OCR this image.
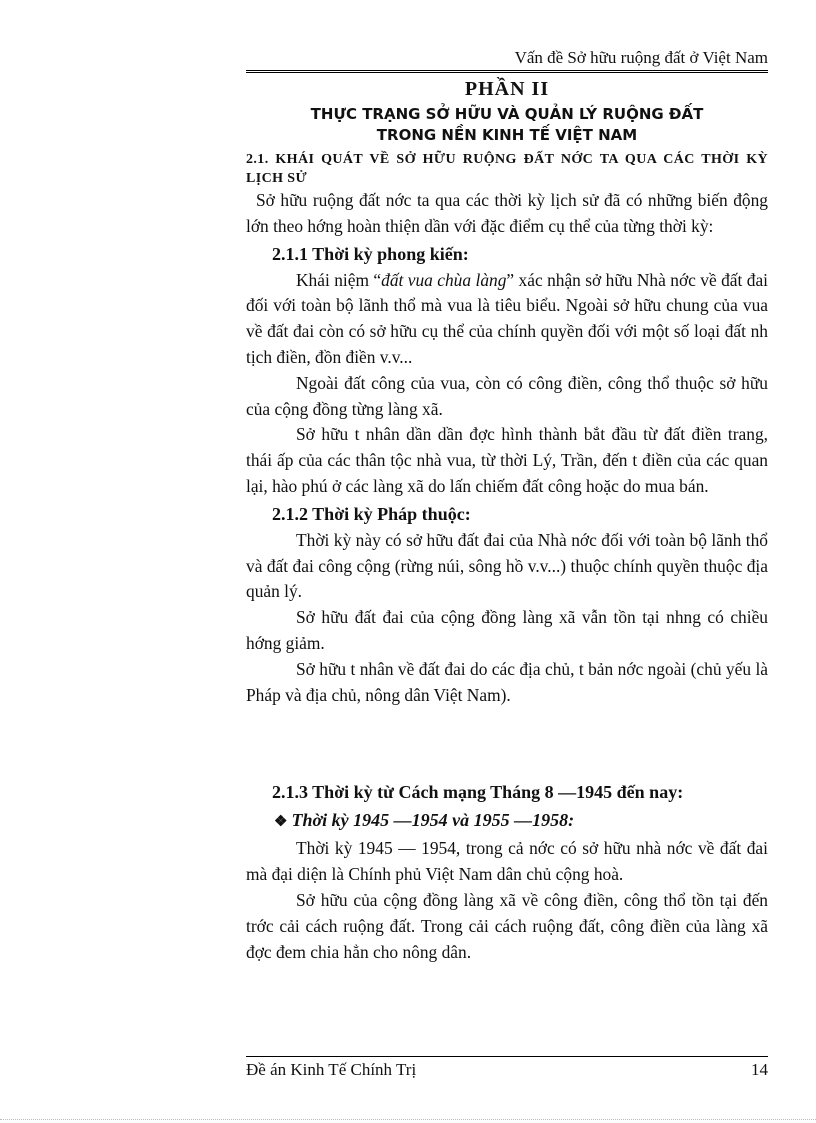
Vấn đề Sở hữu ruộng đất ở Việt Nam
PHẦN II
THỰC TRẠNG SỞ HỮU VÀ QUẢN LÝ RUỘNG ĐẤT
TRONG NỀN KINH TẾ VIỆT NAM
2.1. KHÁI QUÁT VỀ SỞ HỮU RUỘNG ĐẤT NỚC TA QUA CÁC THỜI KỲ LỊCH SỬ

Sở hữu ruộng đất nớc ta qua các thời kỳ lịch sử đã có những biến động lớn theo hớng hoàn thiện dần với đặc điểm cụ thể của từng thời kỳ:

2.1.1 Thời kỳ phong kiến:

Khái niệm “đất vua chùa làng” xác nhận sở hữu Nhà nớc về đất đai đối với toàn bộ lãnh thổ mà vua là tiêu biểu. Ngoài sở hữu chung của vua về đất đai còn có sở hữu cụ thể của chính quyền đối với một số loại đất nh tịch điền, đồn điền v.v...

Ngoài đất công của vua, còn có công điền, công thổ thuộc sở hữu của cộng đồng từng làng xã.

Sở hữu t nhân dần dần đợc hình thành bắt đầu từ đất điền trang, thái ấp của các thân tộc nhà vua, từ thời Lý, Trần, đến t điền của các quan lại, hào phú ở các làng xã do lấn chiếm đất công hoặc do mua bán.

2.1.2 Thời kỳ Pháp thuộc:

Thời kỳ này có sở hữu đất đai của Nhà nớc đối với toàn bộ lãnh thổ và đất đai công cộng (rừng núi, sông hồ v.v...) thuộc chính quyền thuộc địa quản lý.

Sở hữu đất đai của cộng đồng làng xã vẫn tồn tại nhng có chiều hớng giảm.

Sở hữu t nhân về đất đai do các địa chủ, t bản nớc ngoài (chủ yếu là Pháp và địa chủ, nông dân Việt Nam).

2.1.3 Thời kỳ từ Cách mạng Tháng 8 —1945 đến nay:
❖ Thời kỳ 1945 —1954 và 1955 —1958:

Thời kỳ 1945 — 1954, trong cả nớc có sở hữu nhà nớc về đất đai mà đại diện là Chính phủ Việt Nam dân chủ cộng hoà.

Sở hữu của cộng đồng làng xã về công điền, công thổ tồn tại đến trớc cải cách ruộng đất. Trong cải cách ruộng đất, công điền của làng xã đợc đem chia hẳn cho nông dân.

Đề án Kinh Tế Chính Trị	14
